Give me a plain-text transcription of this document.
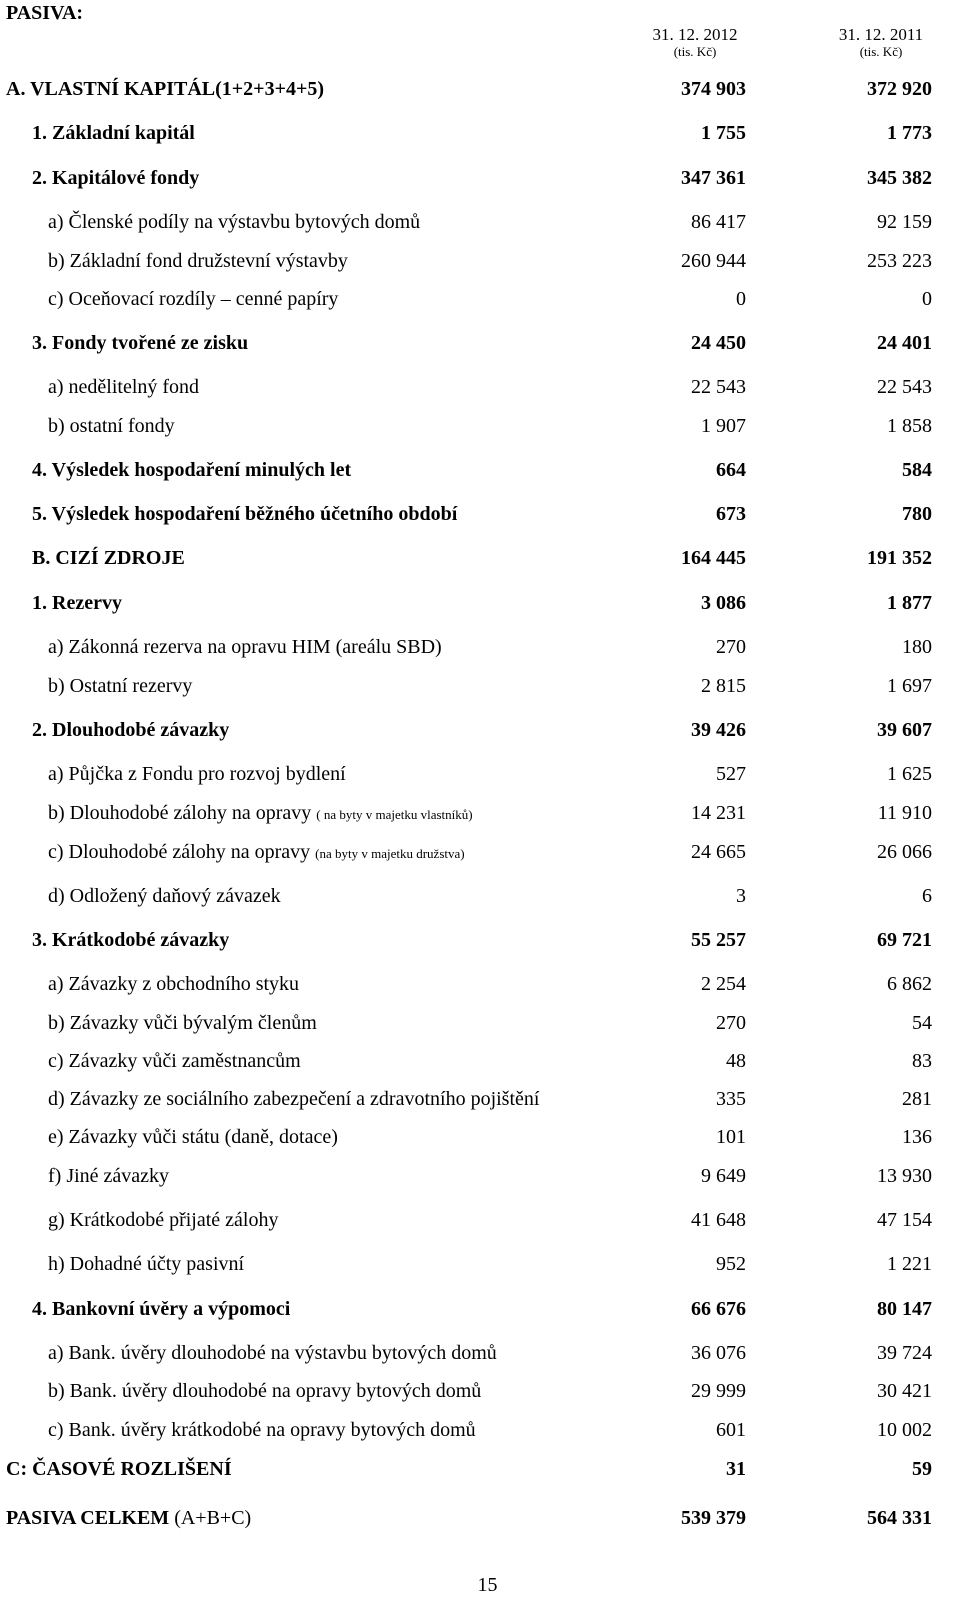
PASIVA:
31. 12. 2012
(tis. Kč)
31. 12. 2011
(tis. Kč)
A. VLASTNÍ KAPITÁL(1+2+3+4+5)	374 903	372 920
1. Základní kapitál	1 755	1 773
2. Kapitálové fondy	347 361	345 382
a) Členské podíly na výstavbu bytových domů	86 417	92 159
b) Základní fond družstevní výstavby	260 944	253 223
c) Oceňovací rozdíly – cenné papíry	0	0
3. Fondy tvořené ze zisku	24 450	24 401
a) nedělitelný fond	22 543	22 543
b) ostatní fondy	1 907	1 858
4. Výsledek hospodaření minulých let	664	584
5. Výsledek hospodaření běžného účetního období	673	780
B. CIZÍ ZDROJE	164 445	191 352
1. Rezervy	3 086	1 877
a) Zákonná rezerva na opravu HIM (areálu SBD)	270	180
b) Ostatní rezervy	2 815	1 697
2. Dlouhodobé závazky	39 426	39 607
a) Půjčka z Fondu pro rozvoj bydlení	527	1 625
b) Dlouhodobé zálohy na opravy ( na byty v majetku vlastníků)	14 231	11 910
c) Dlouhodobé zálohy na opravy (na byty v majetku družstva)	24 665	26 066
d) Odložený daňový závazek	3	6
3. Krátkodobé závazky	55 257	69 721
a) Závazky z obchodního styku	2 254	6 862
b) Závazky vůči bývalým členům	270	54
c) Závazky vůči zaměstnancům	48	83
d) Závazky ze sociálního zabezpečení a zdravotního pojištění	335	281
e) Závazky vůči státu (daně, dotace)	101	136
f) Jiné závazky	9 649	13 930
g) Krátkodobé přijaté zálohy	41 648	47 154
h) Dohadné účty pasivní	952	1 221
4. Bankovní úvěry a výpomoci	66 676	80 147
a) Bank. úvěry dlouhodobé na výstavbu bytových domů	36 076	39 724
b) Bank. úvěry dlouhodobé na opravy bytových domů	29 999	30 421
c) Bank. úvěry krátkodobé na opravy bytových domů	601	10 002
C: ČASOVÉ ROZLIŠENÍ	31	59
PASIVA CELKEM (A+B+C)	539 379	564 331
15
